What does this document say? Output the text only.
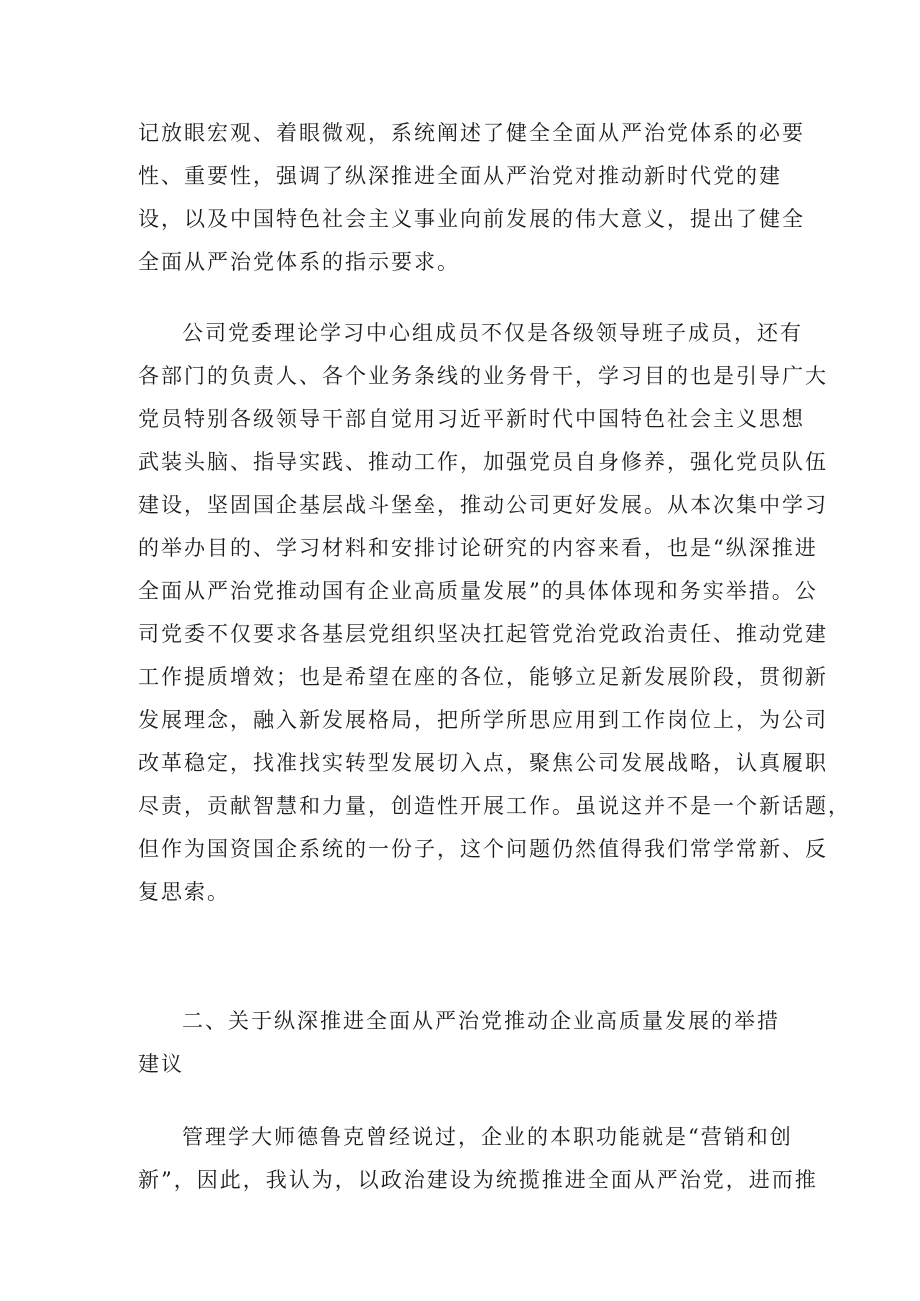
记放眼宏观、着眼微观，系统阐述了健全全面从严治党体系的必要
性、重要性，强调了纵深推进全面从严治党对推动新时代党的建
设，以及中国特色社会主义事业向前发展的伟大意义，提出了健全
全面从严治党体系的指示要求。
公司党委理论学习中心组成员不仅是各级领导班子成员，还有
各部门的负责人、各个业务条线的业务骨干，学习目的也是引导广大
党员特别各级领导干部自觉用习近平新时代中国特色社会主义思想
武装头脑、指导实践、推动工作，加强党员自身修养，强化党员队伍
建设，坚固国企基层战斗堡垒，推动公司更好发展。从本次集中学习
的举办目的、学习材料和安排讨论研究的内容来看，也是“纵深推进
全面从严治党推动国有企业高质量发展”的具体体现和务实举措。公
司党委不仅要求各基层党组织坚决扛起管党治党政治责任、推动党建
工作提质增效；也是希望在座的各位，能够立足新发展阶段，贯彻新
发展理念，融入新发展格局，把所学所思应用到工作岗位上，为公司
改革稳定，找准找实转型发展切入点，聚焦公司发展战略，认真履职
尽责，贡献智慧和力量，创造性开展工作。虽说这并不是一个新话题，
但作为国资国企系统的一份子，这个问题仍然值得我们常学常新、反
复思索。
二、关于纵深推进全面从严治党推动企业高质量发展的举措
建议
管理学大师德鲁克曾经说过，企业的本职功能就是“营销和创
新”，因此，我认为，以政治建设为统揽推进全面从严治党，进而推
